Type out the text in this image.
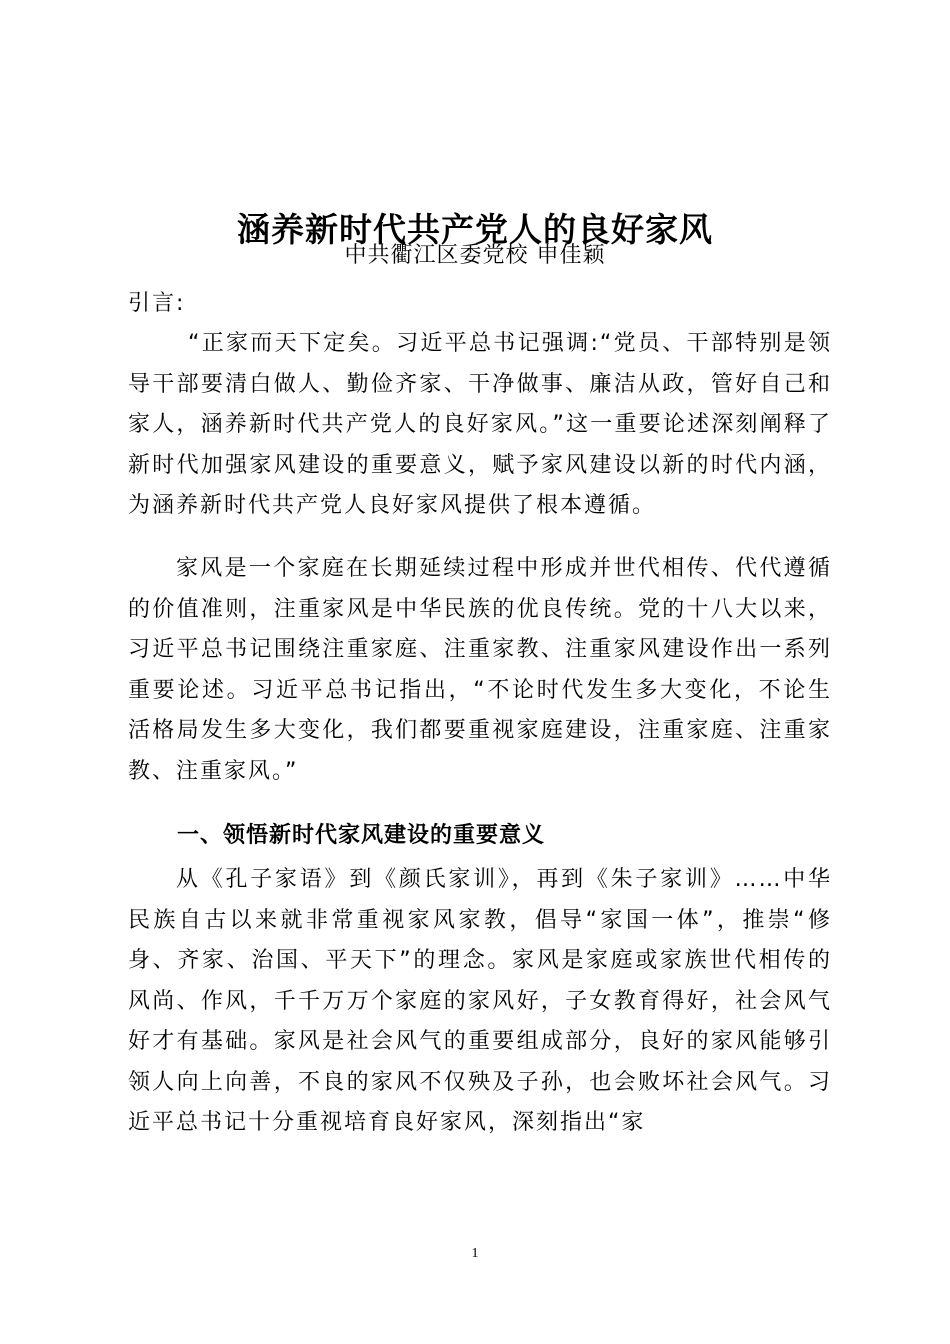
涵养新时代共产党人的良好家风
中共衢江区委党校 申佳颖

引言:

“正家而天下定矣。习近平总书记强调:“党员、干部特别是领导干部要清白做人、勤俭齐家、干净做事、廉洁从政，管好自己和家人，涵养新时代共产党人的良好家风。”这一重要论述深刻阐释了新时代加强家风建设的重要意义，赋予家风建设以新的时代内涵，为涵养新时代共产党人良好家风提供了根本遵循。

家风是一个家庭在长期延续过程中形成并世代相传、代代遵循的价值准则，注重家风是中华民族的优良传统。党的十八大以来，习近平总书记围绕注重家庭、注重家教、注重家风建设作出一系列重要论述。习近平总书记指出，“不论时代发生多大变化，不论生活格局发生多大变化，我们都要重视家庭建设，注重家庭、注重家教、注重家风。”

一、领悟新时代家风建设的重要意义

从《孔子家语》到《颜氏家训》，再到《朱子家训》……中华民族自古以来就非常重视家风家教，倡导“家国一体”，推崇“修身、齐家、治国、平天下”的理念。家风是家庭或家族世代相传的风尚、作风，千千万万个家庭的家风好，子女教育得好，社会风气好才有基础。家风是社会风气的重要组成部分，良好的家风能够引领人向上向善，不良的家风不仅殃及子孙，也会败坏社会风气。习近平总书记十分重视培育良好家风，深刻指出“家

1
